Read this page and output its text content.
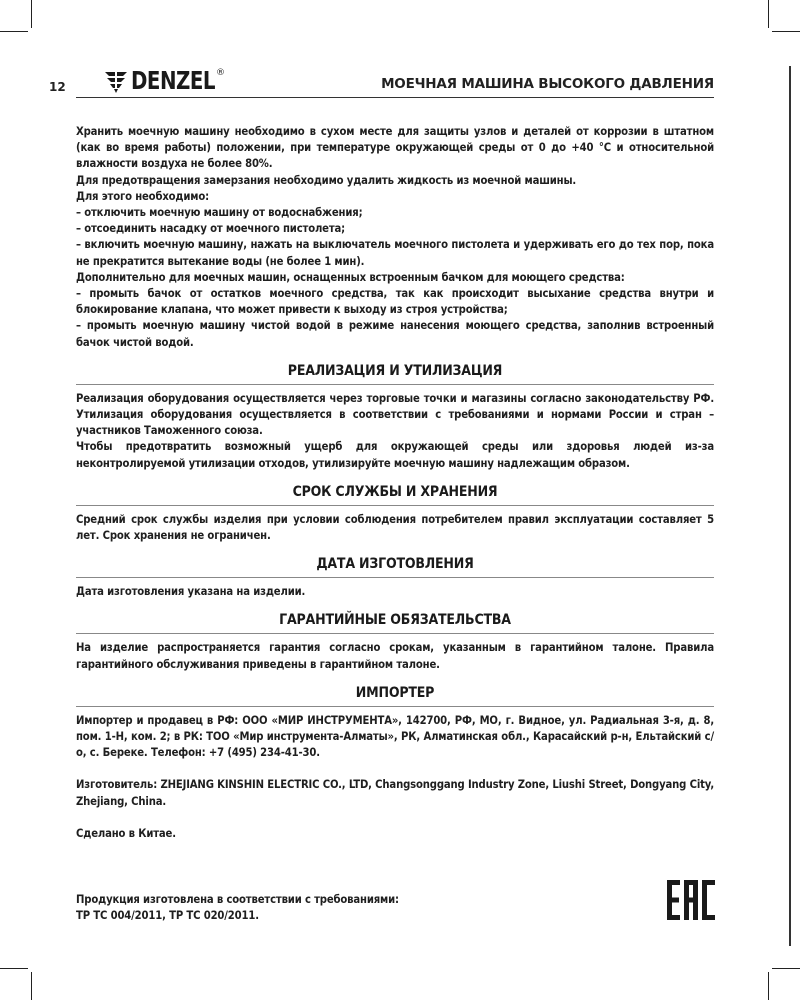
12	DENZEL ®
МОЕЧНАЯ МАШИНА ВЫСОКОГО ДАВЛЕНИЯ

Хранить моечную машину необходимо в сухом месте для защиты узлов и деталей от коррозии в штатном (как во время работы) положении, при температуре окружающей среды от 0 до +40 °С и относительной влажности воздуха не более 80%.

Для предотвращения замерзания необходимо удалить жидкость из моечной машины.

Для этого необходимо:

– отключить моечную машину от водоснабжения;

– отсоединить насадку от моечного пистолета;

– включить моечную машину, нажать на выключатель моечного пистолета и удерживать его до тех пор, пока не прекратится вытекание воды (не более 1 мин).

Дополнительно для моечных машин, оснащенных встроенным бачком для моющего средства:

– промыть бачок от остатков моечного средства, так как происходит высыхание средства внутри и блокирование клапана, что может привести к выходу из строя устройства;

– промыть моечную машину чистой водой в режиме нанесения моющего средства, заполнив встроенный бачок чистой водой.

РЕАЛИЗАЦИЯ И УТИЛИЗАЦИЯ

Реализация оборудования осуществляется через торговые точки и магазины согласно законодательству РФ. Утилизация оборудования осуществляется в соответствии с требованиями и нормами России и стран – участников Таможенного союза.

Чтобы предотвратить возможный ущерб для окружающей среды или здоровья людей из-за неконтролируемой утилизации отходов, утилизируйте моечную машину надлежащим образом.

СРОК СЛУЖБЫ И ХРАНЕНИЯ

Средний срок службы изделия при условии соблюдения потребителем правил эксплуатации составляет 5 лет. Срок хранения не ограничен.

ДАТА ИЗГОТОВЛЕНИЯ

Дата изготовления указана на изделии.

ГАРАНТИЙНЫЕ ОБЯЗАТЕЛЬСТВА

На изделие распространяется гарантия согласно срокам, указанным в гарантийном талоне. Правила гарантийного обслуживания приведены в гарантийном талоне.

ИМПОРТЕР

Импортер и продавец в РФ: ООО «МИР ИНСТРУМЕНТА», 142700, РФ, МО, г. Видное, ул. Радиальная 3-я, д. 8, пом. 1-Н, ком. 2; в РК: ТОО «Мир инструмента-Алматы», РК, Алматинская обл., Карасайский р-н, Ельтайский с/о, с. Береке. Телефон: +7 (495) 234-41-30.

Изготовитель: ZHEJIANG KINSHIN ELECTRIC CO., LTD, Changsonggang Industry Zone, Liushi Street, Dongyang City, Zhejiang, China.

Сделано в Китае.

Продукция изготовлена в соответствии с требованиями:

ТР ТС 004/2011, ТР ТС 020/2011.
